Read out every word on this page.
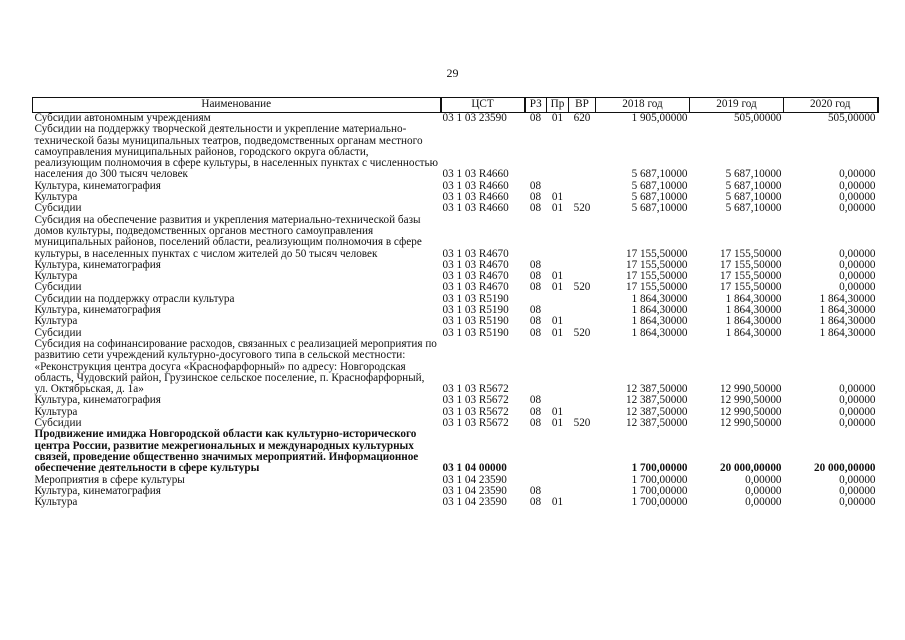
29
Наименование	ЦСТ	РЗ	Пр	ВР	2018 год	2019 год	2020 год
Субсидии автономным учреждениям	03 1 03 23590	08	01	620	1 905,00000	505,00000	505,00000
Субсидии на поддержку творческой деятельности и укрепление материально-технической базы муниципальных театров, подведомственных органам местного самоуправления муниципальных районов, городского округа области, реализующим полномочия в сфере культуры, в населенных пунктах с численностью населения до 300 тысяч человек	03 1 03 R4660				5 687,10000	5 687,10000	0,00000
Культура, кинематография	03 1 03 R4660	08			5 687,10000	5 687,10000	0,00000
Культура	03 1 03 R4660	08	01		5 687,10000	5 687,10000	0,00000
Субсидии	03 1 03 R4660	08	01	520	5 687,10000	5 687,10000	0,00000
Субсидия на обеспечение развития и укрепления материально-технической базы домов культуры, подведомственных органов местного самоуправления муниципальных районов, поселений области, реализующим полномочия в сфере культуры, в населенных пунктах с числом жителей до 50 тысяч человек	03 1 03 R4670				17 155,50000	17 155,50000	0,00000
Культура, кинематография	03 1 03 R4670	08			17 155,50000	17 155,50000	0,00000
Культура	03 1 03 R4670	08	01		17 155,50000	17 155,50000	0,00000
Субсидии	03 1 03 R4670	08	01	520	17 155,50000	17 155,50000	0,00000
Субсидии на поддержку отрасли культура	03 1 03 R5190				1 864,30000	1 864,30000	1 864,30000
Культура, кинематография	03 1 03 R5190	08			1 864,30000	1 864,30000	1 864,30000
Культура	03 1 03 R5190	08	01		1 864,30000	1 864,30000	1 864,30000
Субсидии	03 1 03 R5190	08	01	520	1 864,30000	1 864,30000	1 864,30000
Субсидия на софинансирование расходов, связанных с реализацией мероприятия по развитию сети учреждений культурно-досугового типа в сельской местности: «Реконструкция центра досуга «Краснофарфорный» по адресу: Новгородская область, Чудовский район, Грузинское сельское поселение, п. Краснофарфорный, ул. Октябрьская, д. 1а»	03 1 03 R5672				12 387,50000	12 990,50000	0,00000
Культура, кинематография	03 1 03 R5672	08			12 387,50000	12 990,50000	0,00000
Культура	03 1 03 R5672	08	01		12 387,50000	12 990,50000	0,00000
Субсидии	03 1 03 R5672	08	01	520	12 387,50000	12 990,50000	0,00000
Продвижение имиджа Новгородской области как культурно-исторического центра России, развитие межрегиональных и международных культурных связей, проведение общественно значимых мероприятий. Информационное обеспечение деятельности в сфере культуры	03 1 04 00000				1 700,00000	20 000,00000	20 000,00000
Мероприятия в сфере культуры	03 1 04 23590				1 700,00000	0,00000	0,00000
Культура, кинематография	03 1 04 23590	08			1 700,00000	0,00000	0,00000
Культура	03 1 04 23590	08	01		1 700,00000	0,00000	0,00000
